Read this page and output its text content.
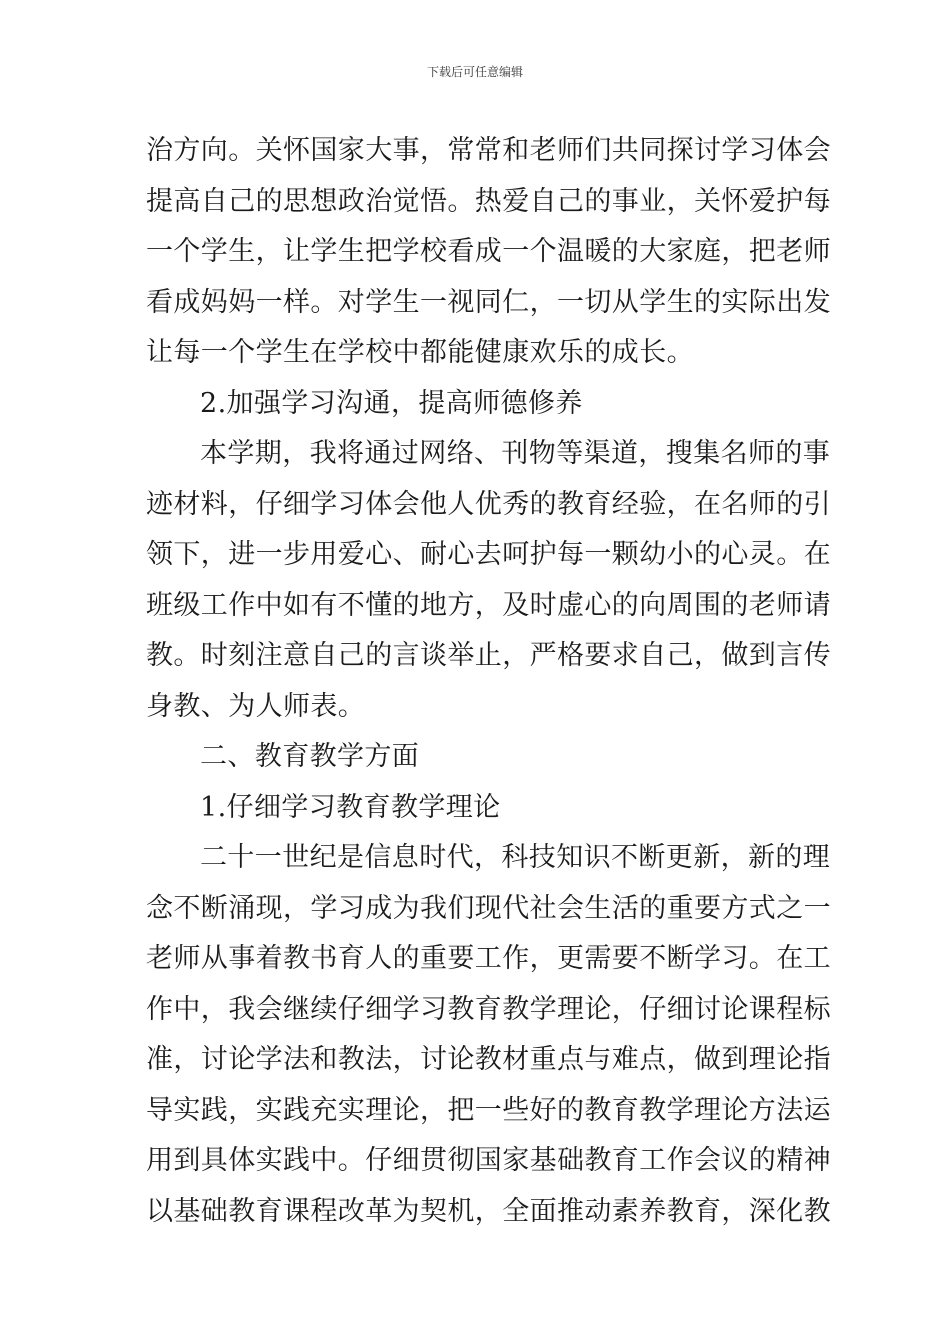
下载后可任意编辑
治方向。关怀国家大事，常常和老师们共同探讨学习体会
提高自己的思想政治觉悟。热爱自己的事业，关怀爱护每
一个学生，让学生把学校看成一个温暖的大家庭，把老师
看成妈妈一样。对学生一视同仁，一切从学生的实际出发
让每一个学生在学校中都能健康欢乐的成长。
2.加强学习沟通，提高师德修养
本学期，我将通过网络、刊物等渠道，搜集名师的事
迹材料，仔细学习体会他人优秀的教育经验，在名师的引
领下，进一步用爱心、耐心去呵护每一颗幼小的心灵。在
班级工作中如有不懂的地方，及时虚心的向周围的老师请
教。时刻注意自己的言谈举止，严格要求自己，做到言传
身教、为人师表。
二、教育教学方面
1.仔细学习教育教学理论
二十一世纪是信息时代，科技知识不断更新，新的理
念不断涌现，学习成为我们现代社会生活的重要方式之一
老师从事着教书育人的重要工作，更需要不断学习。在工
作中，我会继续仔细学习教育教学理论，仔细讨论课程标
准，讨论学法和教法，讨论教材重点与难点，做到理论指
导实践，实践充实理论，把一些好的教育教学理论方法运
用到具体实践中。仔细贯彻国家基础教育工作会议的精神
以基础教育课程改革为契机，全面推动素养教育，深化教
